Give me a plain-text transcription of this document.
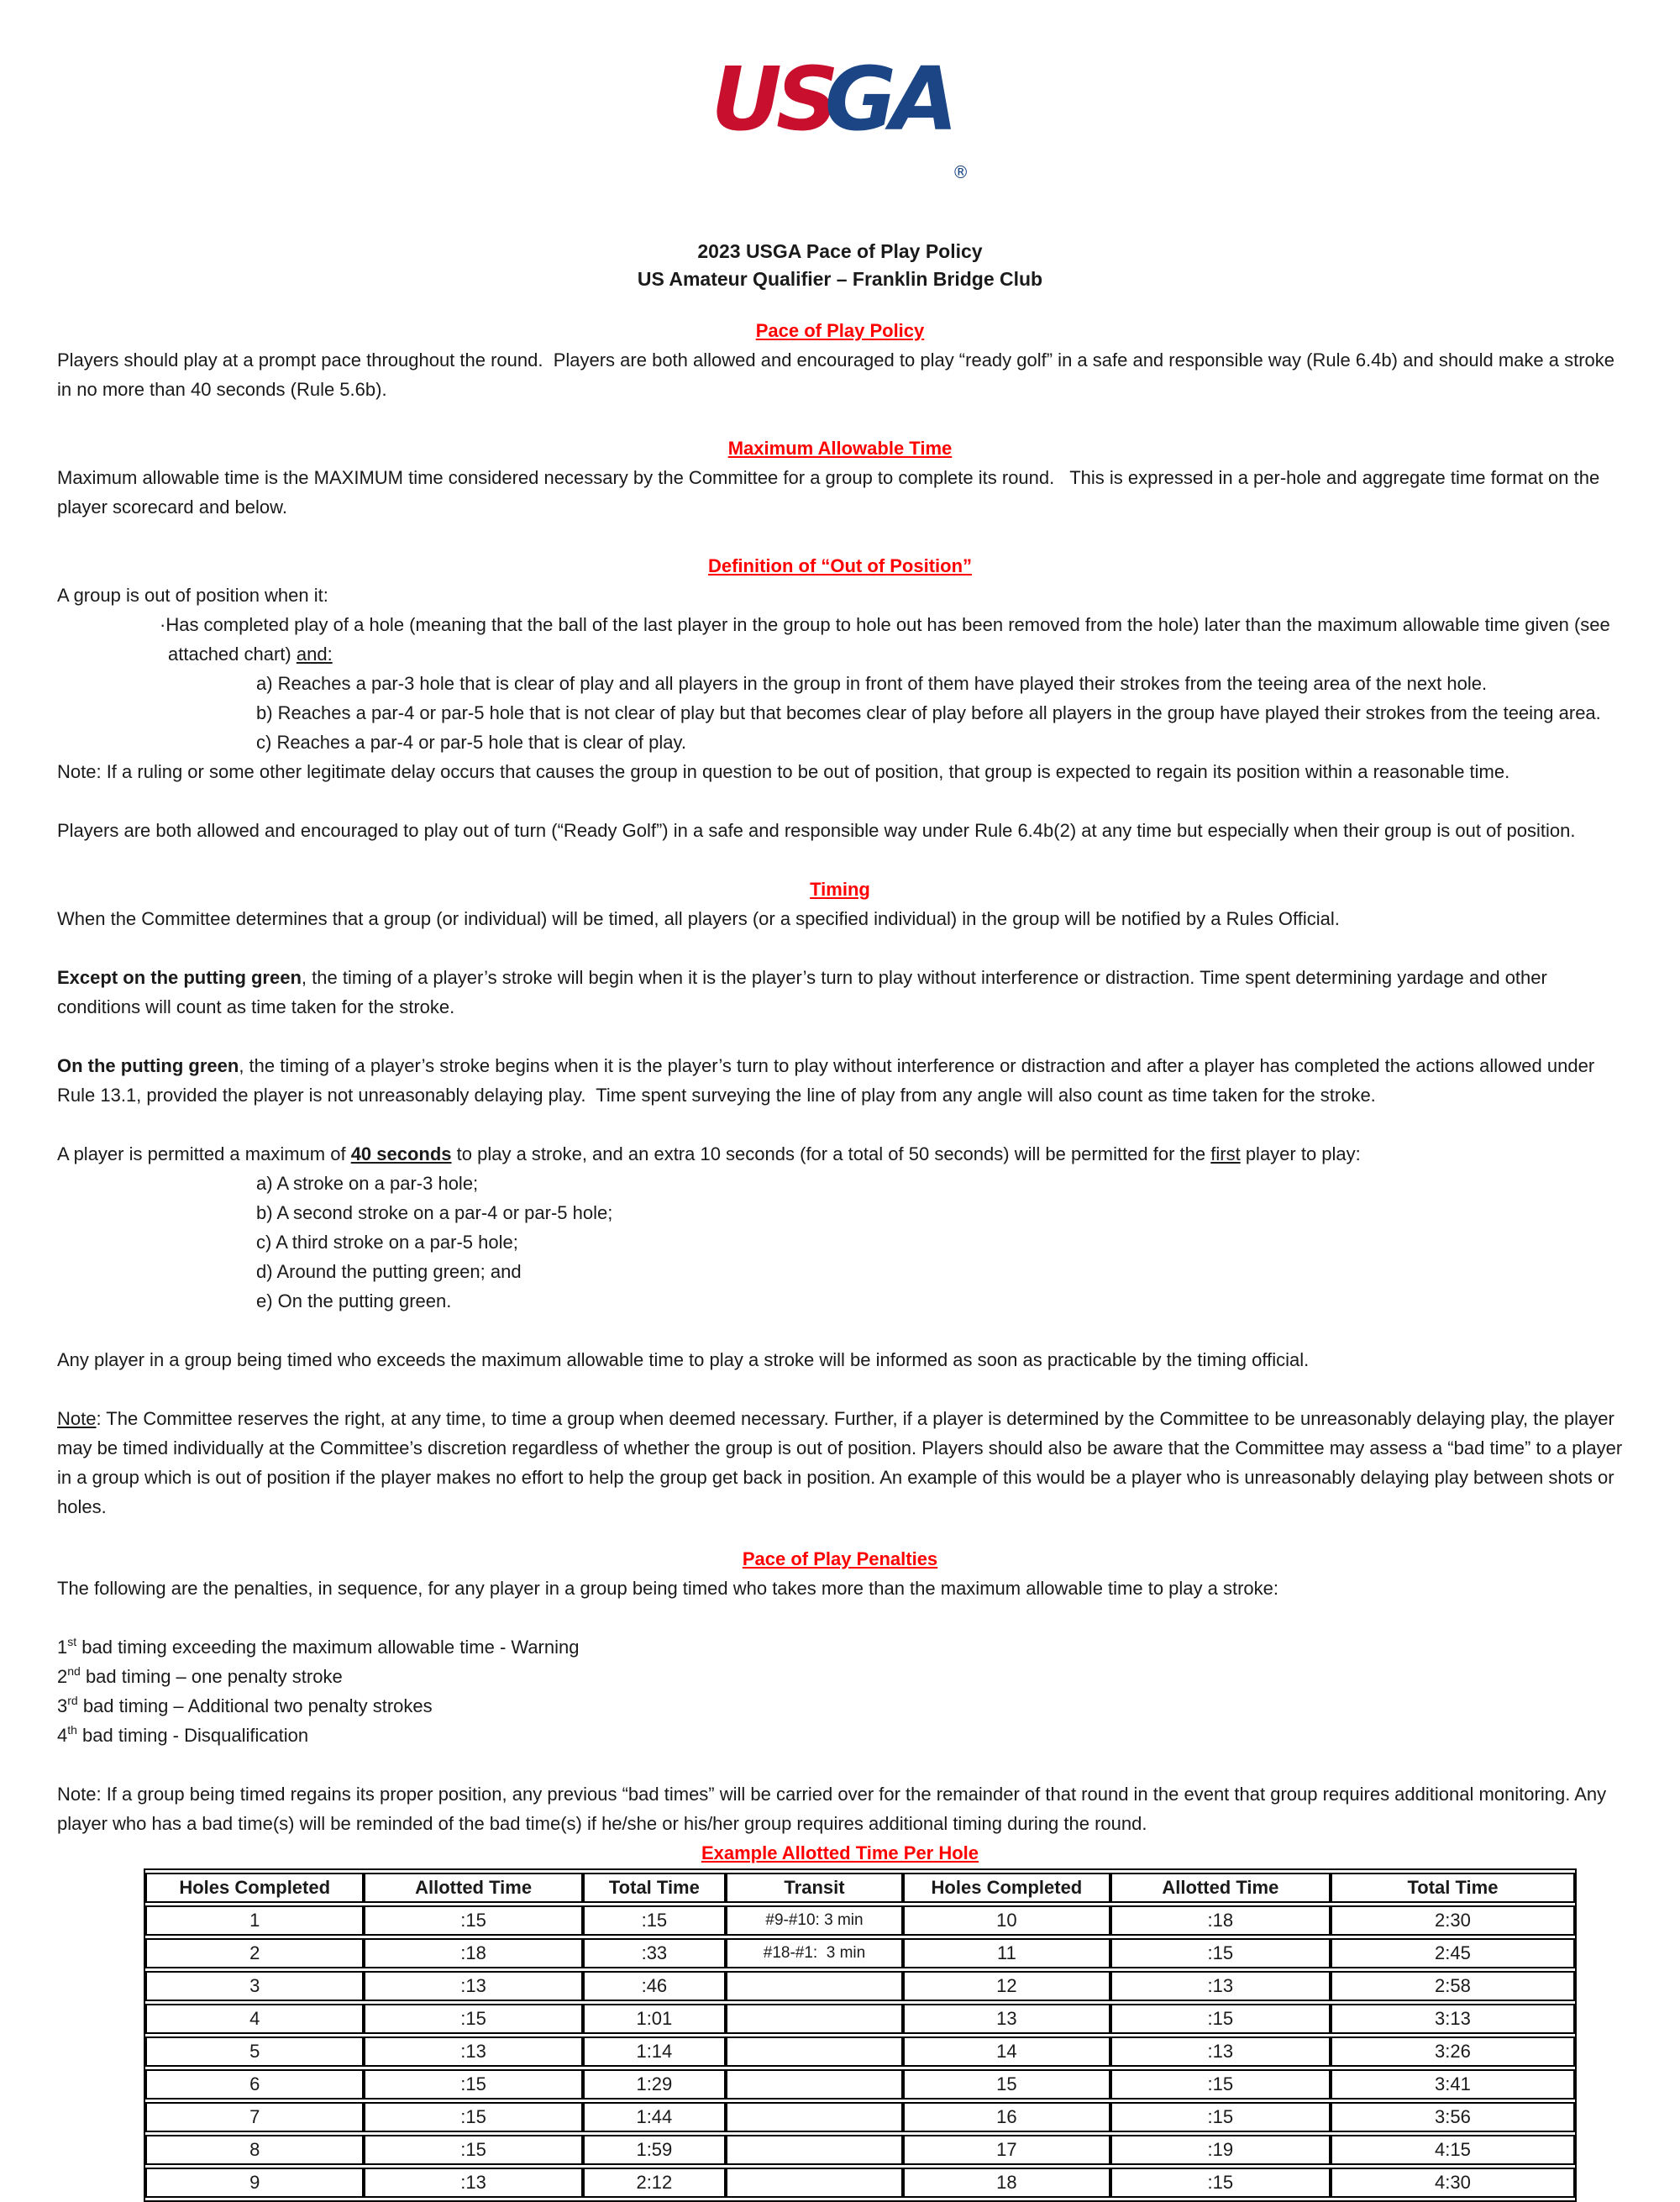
$USGA_®$
2023 USGA Pace of Play Policy
US Amateur Qualifier – Franklin Bridge Club
Pace of Play Policy

Players should play at a prompt pace throughout the round.  Players are both allowed and encouraged to play “ready golf” in a safe and responsible way (Rule 6.4b) and should make a stroke in no more than 40 seconds (Rule 5.6b).

Maximum Allowable Time

Maximum allowable time is the MAXIMUM time considered necessary by the Committee for a group to complete its round.   This is expressed in a per-hole and aggregate time format on the player scorecard and below.

Definition of “Out of Position”

A group is out of position when it:

·Has completed play of a hole (meaning that the ball of the last player in the group to hole out has been removed from the hole) later than the maximum allowable time given (see attached chart) and:

a) Reaches a par-3 hole that is clear of play and all players in the group in front of them have played their strokes from the teeing area of the next hole.

b) Reaches a par-4 or par-5 hole that is not clear of play but that becomes clear of play before all players in the group have played their strokes from the teeing area.

c) Reaches a par-4 or par-5 hole that is clear of play.

Note: If a ruling or some other legitimate delay occurs that causes the group in question to be out of position, that group is expected to regain its position within a reasonable time.

Players are both allowed and encouraged to play out of turn (“Ready Golf”) in a safe and responsible way under Rule 6.4b(2) at any time but especially when their group is out of position.

Timing

When the Committee determines that a group (or individual) will be timed, all players (or a specified individual) in the group will be notified by a Rules Official.

Except on the putting green, the timing of a player’s stroke will begin when it is the player’s turn to play without interference or distraction. Time spent determining yardage and other conditions will count as time taken for the stroke.

On the putting green, the timing of a player’s stroke begins when it is the player’s turn to play without interference or distraction and after a player has completed the actions allowed under Rule 13.1, provided the player is not unreasonably delaying play.  Time spent surveying the line of play from any angle will also count as time taken for the stroke.

A player is permitted a maximum of 40 seconds to play a stroke, and an extra 10 seconds (for a total of 50 seconds) will be permitted for the first player to play:

a) A stroke on a par-3 hole;

b) A second stroke on a par-4 or par-5 hole;

c) A third stroke on a par-5 hole;

d) Around the putting green; and

e) On the putting green.

Any player in a group being timed who exceeds the maximum allowable time to play a stroke will be informed as soon as practicable by the timing official.

Note: The Committee reserves the right, at any time, to time a group when deemed necessary. Further, if a player is determined by the Committee to be unreasonably delaying play, the player may be timed individually at the Committee’s discretion regardless of whether the group is out of position. Players should also be aware that the Committee may assess a “bad time” to a player in a group which is out of position if the player makes no effort to help the group get back in position. An example of this would be a player who is unreasonably delaying play between shots or holes.

Pace of Play Penalties

The following are the penalties, in sequence, for any player in a group being timed who takes more than the maximum allowable time to play a stroke:

1st bad timing exceeding the maximum allowable time - Warning

2nd bad timing – one penalty stroke

3rd bad timing – Additional two penalty strokes

4th bad timing - Disqualification

Note: If a group being timed regains its proper position, any previous “bad times” will be carried over for the remainder of that round in the event that group requires additional monitoring. Any player who has a bad time(s) will be reminded of the bad time(s) if he/she or his/her group requires additional timing during the round.

Example Allotted Time Per Hole
Holes Completed	Allotted Time	Total Time	Transit	Holes Completed	Allotted Time	Total Time
1	:15	:15	#9-#10: 3 min	10	:18	2:30
2	:18	:33	#18-#1:  3 min	11	:15	2:45
3	:13	:46		12	:13	2:58
4	:15	1:01		13	:15	3:13
5	:13	1:14		14	:13	3:26
6	:15	1:29		15	:15	3:41
7	:15	1:44		16	:15	3:56
8	:15	1:59		17	:19	4:15
9	:13	2:12		18	:15	4:30
